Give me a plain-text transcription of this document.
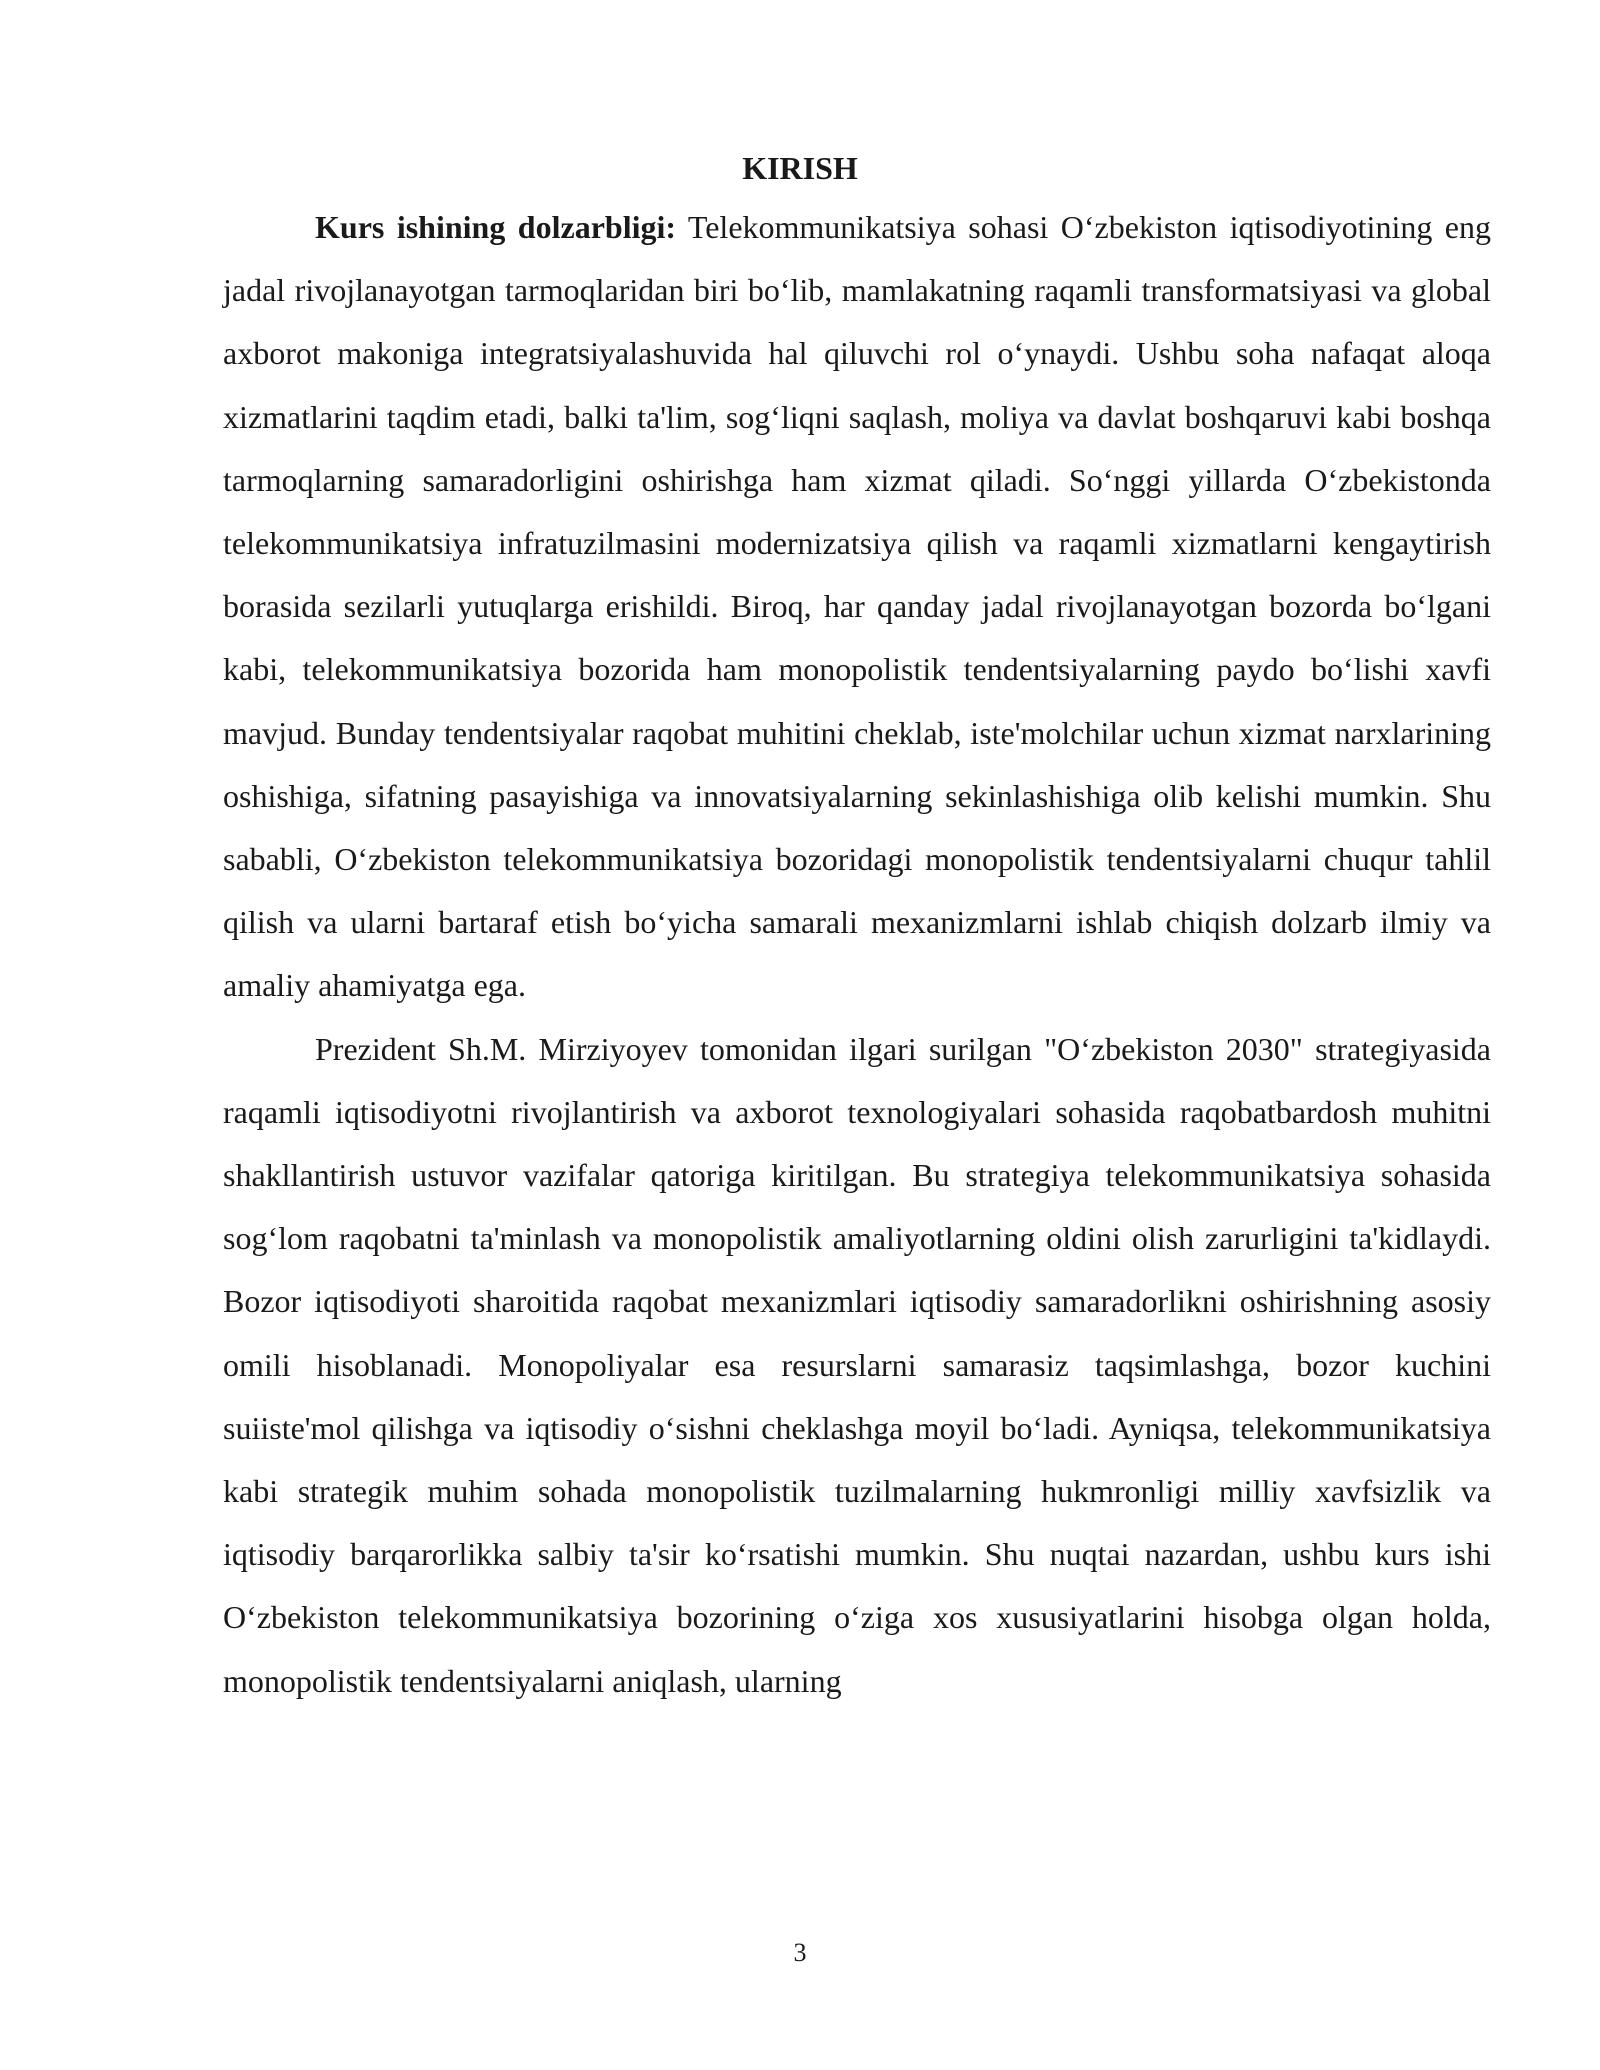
KIRISH

Kurs ishining dolzarbligi: Telekommunikatsiya sohasi O‘zbekiston iqtisodiyotining eng jadal rivojlanayotgan tarmoqlaridan biri bo‘lib, mamlakatning raqamli transformatsiyasi va global axborot makoniga integratsiyalashuvida hal qiluvchi rol o‘ynaydi. Ushbu soha nafaqat aloqa xizmatlarini taqdim etadi, balki ta'lim, sog‘liqni saqlash, moliya va davlat boshqaruvi kabi boshqa tarmoqlarning samaradorligini oshirishga ham xizmat qiladi. So‘nggi yillarda O‘zbekistonda telekommunikatsiya infratuzilmasini modernizatsiya qilish va raqamli xizmatlarni kengaytirish borasida sezilarli yutuqlarga erishildi. Biroq, har qanday jadal rivojlanayotgan bozorda bo‘lgani kabi, telekommunikatsiya bozorida ham monopolistik tendentsiyalarning paydo bo‘lishi xavfi mavjud. Bunday tendentsiyalar raqobat muhitini cheklab, iste'molchilar uchun xizmat narxlarining oshishiga, sifatning pasayishiga va innovatsiyalarning sekinlashishiga olib kelishi mumkin. Shu sababli, O‘zbekiston telekommunikatsiya bozoridagi monopolistik tendentsiyalarni chuqur tahlil qilish va ularni bartaraf etish bo‘yicha samarali mexanizmlarni ishlab chiqish dolzarb ilmiy va amaliy ahamiyatga ega.

Prezident Sh.M. Mirziyoyev tomonidan ilgari surilgan "O‘zbekiston 2030" strategiyasida raqamli iqtisodiyotni rivojlantirish va axborot texnologiyalari sohasida raqobatbardosh muhitni shakllantirish ustuvor vazifalar qatoriga kiritilgan. Bu strategiya telekommunikatsiya sohasida sog‘lom raqobatni ta'minlash va monopolistik amaliyotlarning oldini olish zarurligini ta'kidlaydi. Bozor iqtisodiyoti sharoitida raqobat mexanizmlari iqtisodiy samaradorlikni oshirishning asosiy omili hisoblanadi. Monopoliyalar esa resurslarni samarasiz taqsimlashga, bozor kuchini suiiste'mol qilishga va iqtisodiy o‘sishni cheklashga moyil bo‘ladi. Ayniqsa, telekommunikatsiya kabi strategik muhim sohada monopolistik tuzilmalarning hukmronligi milliy xavfsizlik va iqtisodiy barqarorlikka salbiy ta'sir ko‘rsatishi mumkin. Shu nuqtai nazardan, ushbu kurs ishi O‘zbekiston telekommunikatsiya bozorining o‘ziga xos xususiyatlarini hisobga olgan holda, monopolistik tendentsiyalarni aniqlash, ularning

3
